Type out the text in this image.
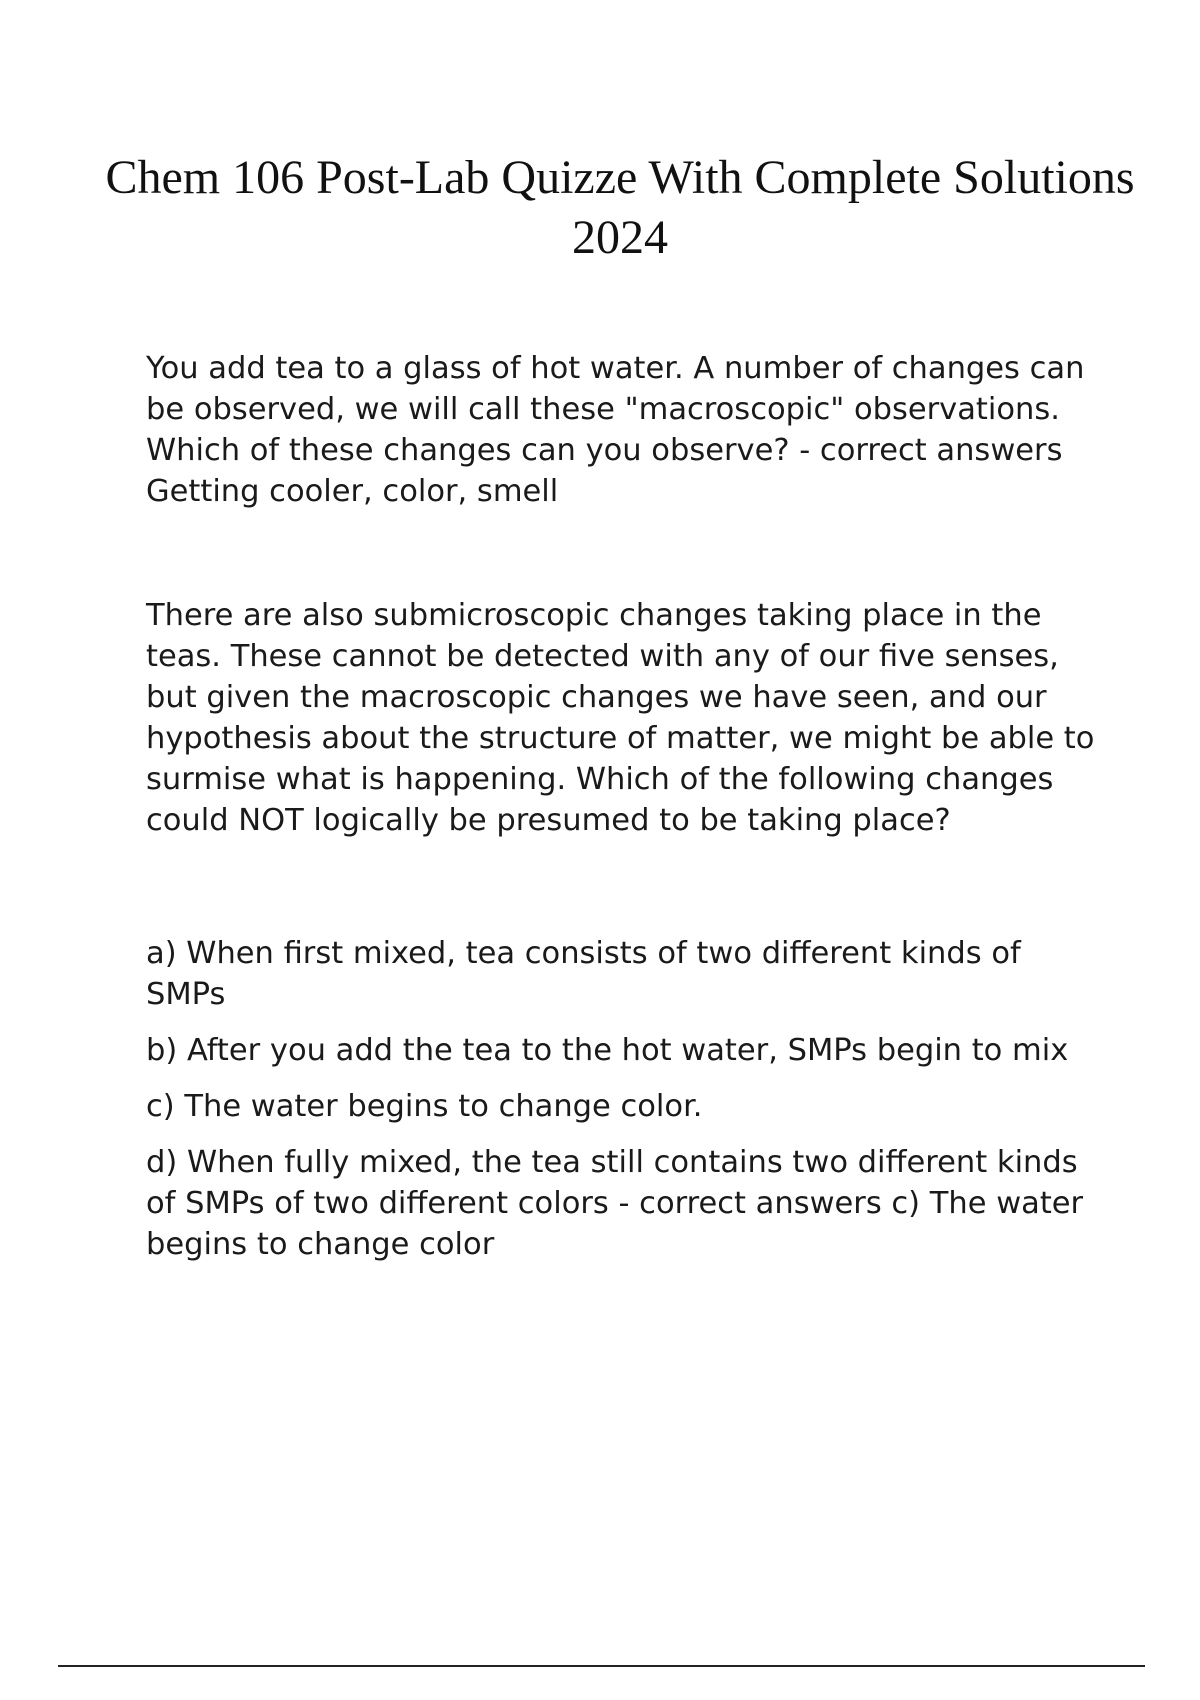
Chem 106 Post-Lab Quizze With Complete Solutions 2024

You add tea to a glass of hot water. A number of changes can be observed, we will call these "macroscopic" observations. Which of these changes can you observe? - correct answers Getting cooler, color, smell

There are also submicroscopic changes taking place in the teas. These cannot be detected with any of our five senses, but given the macroscopic changes we have seen, and our hypothesis about the structure of matter, we might be able to surmise what is happening. Which of the following changes could NOT logically be presumed to be taking place?

a) When first mixed, tea consists of two different kinds of SMPs

b) After you add the tea to the hot water, SMPs begin to mix

c) The water begins to change color.

d) When fully mixed, the tea still contains two different kinds of SMPs of two different colors - correct answers c) The water begins to change color
